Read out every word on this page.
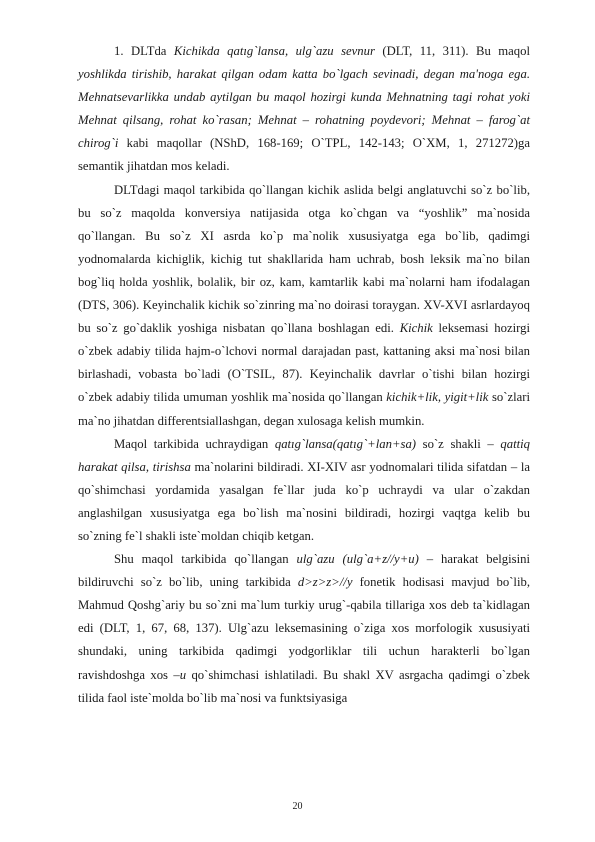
1. DLTda Kichikda qatıg`lansa, ulg`azu sevnur (DLT, 11, 311). Bu maqol yoshlikda tirishib, harakat qilgan odam katta bo`lgach sevinadi, degan ma'noga ega. Mehnatsevarlikka undab aytilgan bu maqol hozirgi kunda Mehnatning tagi rohat yoki Mehnat qilsang, rohat ko`rasan; Mehnat – rohatning poydevori; Mehnat – farog`at chirog`i kabi maqollar (NShD, 168-169; O`TPL, 142-143; O`XM, 1, 271272)ga semantik jihatdan mos keladi.

DLTdagi maqol tarkibida qo`llangan kichik aslida belgi anglatuvchi so`z bo`lib, bu so`z maqolda konversiya natijasida otga ko`chgan va “yoshlik” ma`nosida qo`llangan. Bu so`z XI asrda ko`p ma`nolik xususiyatga ega bo`lib, qadimgi yodnomalarda kichiglik, kichig tut shakllarida ham uchrab, bosh leksik ma`no bilan bog`liq holda yoshlik, bolalik, bir oz, kam, kamtarlik kabi ma`nolarni ham ifodalagan (DTS, 306). Keyinchalik kichik so`zinring ma`no doirasi toraygan. XV-XVI asrlardayoq bu so`z go`daklik yoshiga nisbatan qo`llana boshlagan edi. Kichik leksemasi hozirgi o`zbek adabiy tilida hajm-o`lchovi normal darajadan past, kattaning aksi ma`nosi bilan birlashadi, vobasta bo`ladi (O`TSIL, 87). Keyinchalik davrlar o`tishi bilan hozirgi o`zbek adabiy tilida umuman yoshlik ma`nosida qo`llangan kichik+lik, yigit+lik so`zlari ma`no jihatdan differentsiallashgan, degan xulosaga kelish mumkin.

Maqol tarkibida uchraydigan qatıg`lansa(qatıg`+lan+sa) so`z shakli – qattiq harakat qilsa, tirishsa ma`nolarini bildiradi. XI-XIV asr yodnomalari tilida sifatdan – la qo`shimchasi yordamida yasalgan fe`llar juda ko`p uchraydi va ular o`zakdan anglashilgan xususiyatga ega bo`lish ma`nosini bildiradi, hozirgi vaqtga kelib bu so`zning fe`l shakli iste`moldan chiqib ketgan.

Shu maqol tarkibida qo`llangan ulg`azu (ulg`a+z//y+u) – harakat belgisini bildiruvchi so`z bo`lib, uning tarkibida d>z>z>//y fonetik hodisasi mavjud bo`lib, Mahmud Qoshg`ariy bu so`zni ma`lum turkiy urug`-qabila tillariga xos deb ta`kidlagan edi (DLT, 1, 67, 68, 137). Ulg`azu leksemasining o`ziga xos morfologik xususiyati shundaki, uning tarkibida qadimgi yodgorliklar tili uchun harakterli bo`lgan ravishdoshga xos –u qo`shimchasi ishlatiladi. Bu shakl XV asrgacha qadimgi o`zbek tilida faol iste`molda bo`lib ma`nosi va funktsiyasiga

20
